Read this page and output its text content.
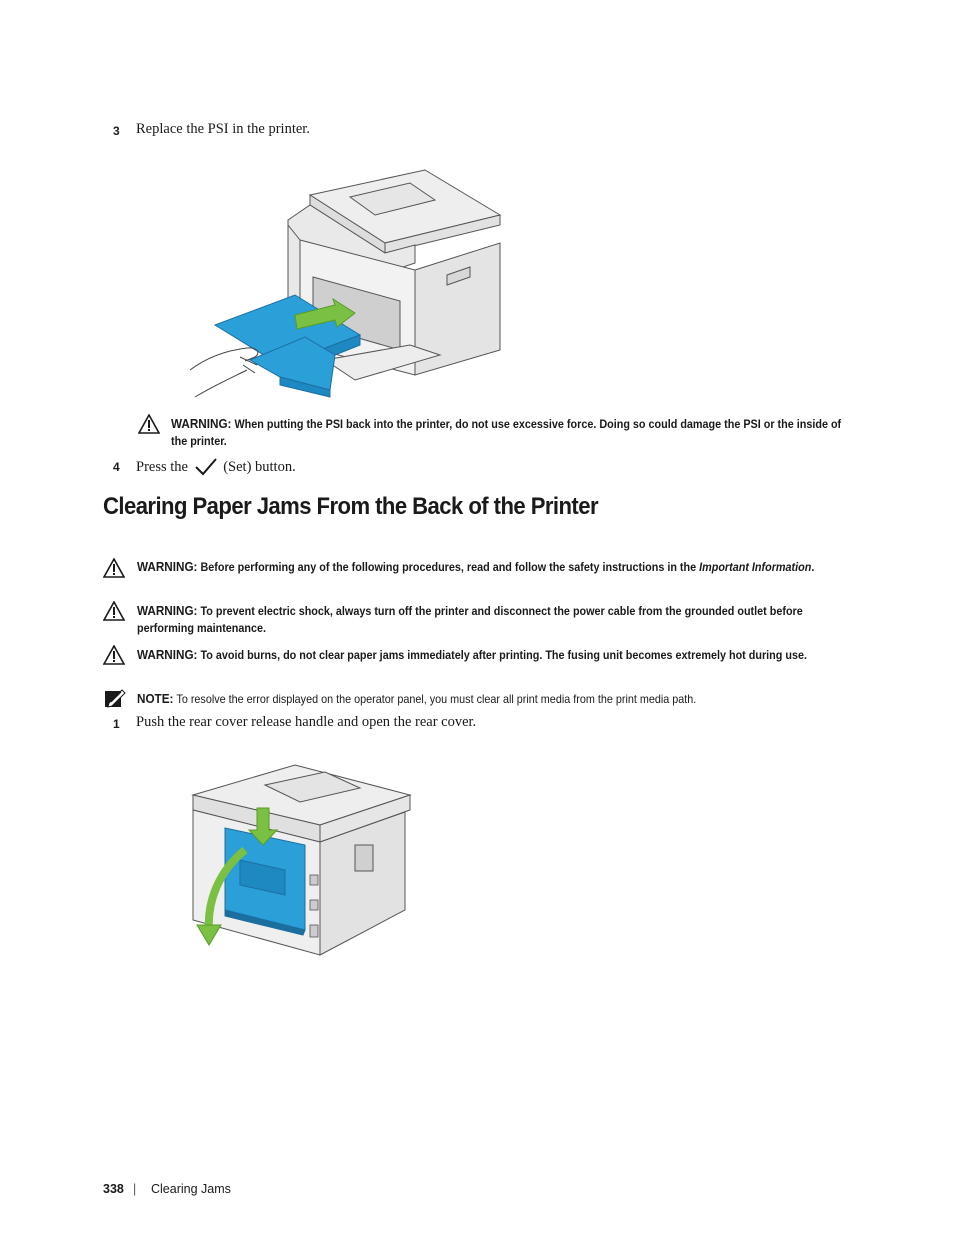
3 Replace the PSI in the printer.
WARNING: When putting the PSI back into the printer, do not use excessive force. Doing so could damage the PSI or the inside of the printer.
4 Press the (Set) button.
Clearing Paper Jams From the Back of the Printer
WARNING: Before performing any of the following procedures, read and follow the safety instructions in the Important Information.
WARNING: To prevent electric shock, always turn off the printer and disconnect the power cable from the grounded outlet before performing maintenance.
WARNING: To avoid burns, do not clear paper jams immediately after printing. The fusing unit becomes extremely hot during use.
NOTE: To resolve the error displayed on the operator panel, you must clear all print media from the print media path.
1 Push the rear cover release handle and open the rear cover.
338 | Clearing Jams
